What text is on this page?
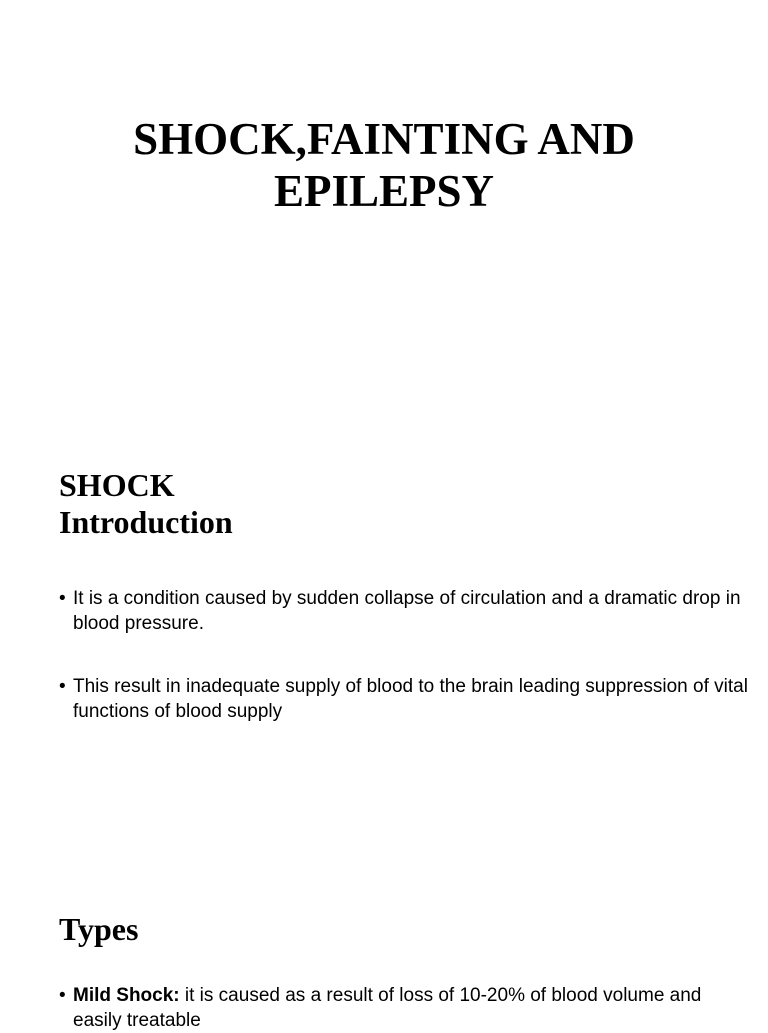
SHOCK,FAINTING AND
EPILEPSY
SHOCK
Introduction

• It is a condition caused by sudden collapse of circulation and a dramatic drop in blood pressure.

• This result in inadequate supply of blood to the brain leading suppression of vital functions of blood supply

Types

• Mild Shock: it is caused as a result of loss of 10-20% of blood volume and easily treatable
